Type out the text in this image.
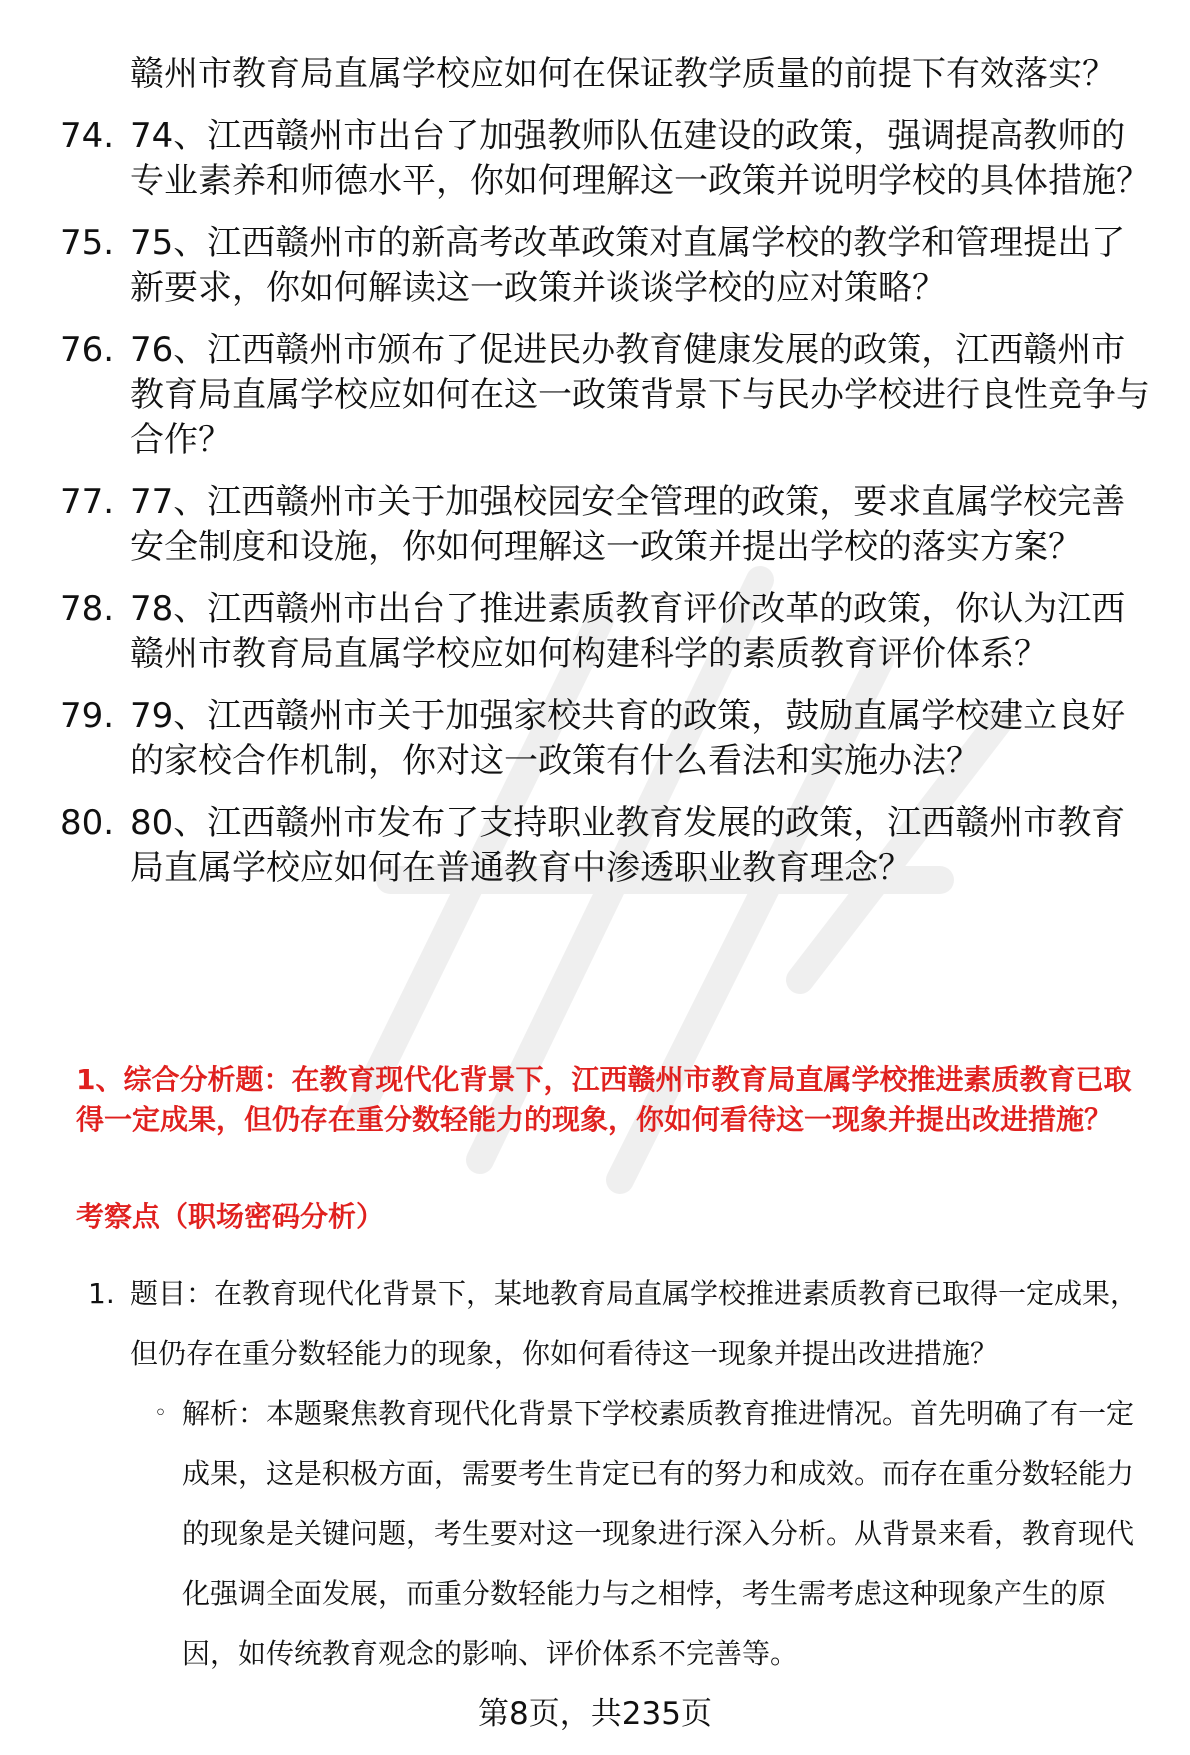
赣州市教育局直属学校应如何在保证教学质量的前提下有效落实？
74. 74、江西赣州市出台了加强教师队伍建设的政策，强调提高教师的专业素养和师德水平，你如何理解这一政策并说明学校的具体措施？
75. 75、江西赣州市的新高考改革政策对直属学校的教学和管理提出了新要求，你如何解读这一政策并谈谈学校的应对策略？
76. 76、江西赣州市颁布了促进民办教育健康发展的政策，江西赣州市教育局直属学校应如何在这一政策背景下与民办学校进行良性竞争与合作？
77. 77、江西赣州市关于加强校园安全管理的政策，要求直属学校完善安全制度和设施，你如何理解这一政策并提出学校的落实方案？
78. 78、江西赣州市出台了推进素质教育评价改革的政策，你认为江西赣州市教育局直属学校应如何构建科学的素质教育评价体系？
79. 79、江西赣州市关于加强家校共育的政策，鼓励直属学校建立良好的家校合作机制，你对这一政策有什么看法和实施办法？
80. 80、江西赣州市发布了支持职业教育发展的政策，江西赣州市教育局直属学校应如何在普通教育中渗透职业教育理念？
1、综合分析题：在教育现代化背景下，江西赣州市教育局直属学校推进素质教育已取得一定成果，但仍存在重分数轻能力的现象，你如何看待这一现象并提出改进措施？
考察点（职场密码分析）
1. 题目：在教育现代化背景下，某地教育局直属学校推进素质教育已取得一定成果，但仍存在重分数轻能力的现象，你如何看待这一现象并提出改进措施？
◦ 解析：本题聚焦教育现代化背景下学校素质教育推进情况。首先明确了有一定成果，这是积极方面，需要考生肯定已有的努力和成效。而存在重分数轻能力的现象是关键问题，考生要对这一现象进行深入分析。从背景来看，教育现代化强调全面发展，而重分数轻能力与之相悖，考生需考虑这种现象产生的原因，如传统教育观念的影响、评价体系不完善等。
第8页，共235页
